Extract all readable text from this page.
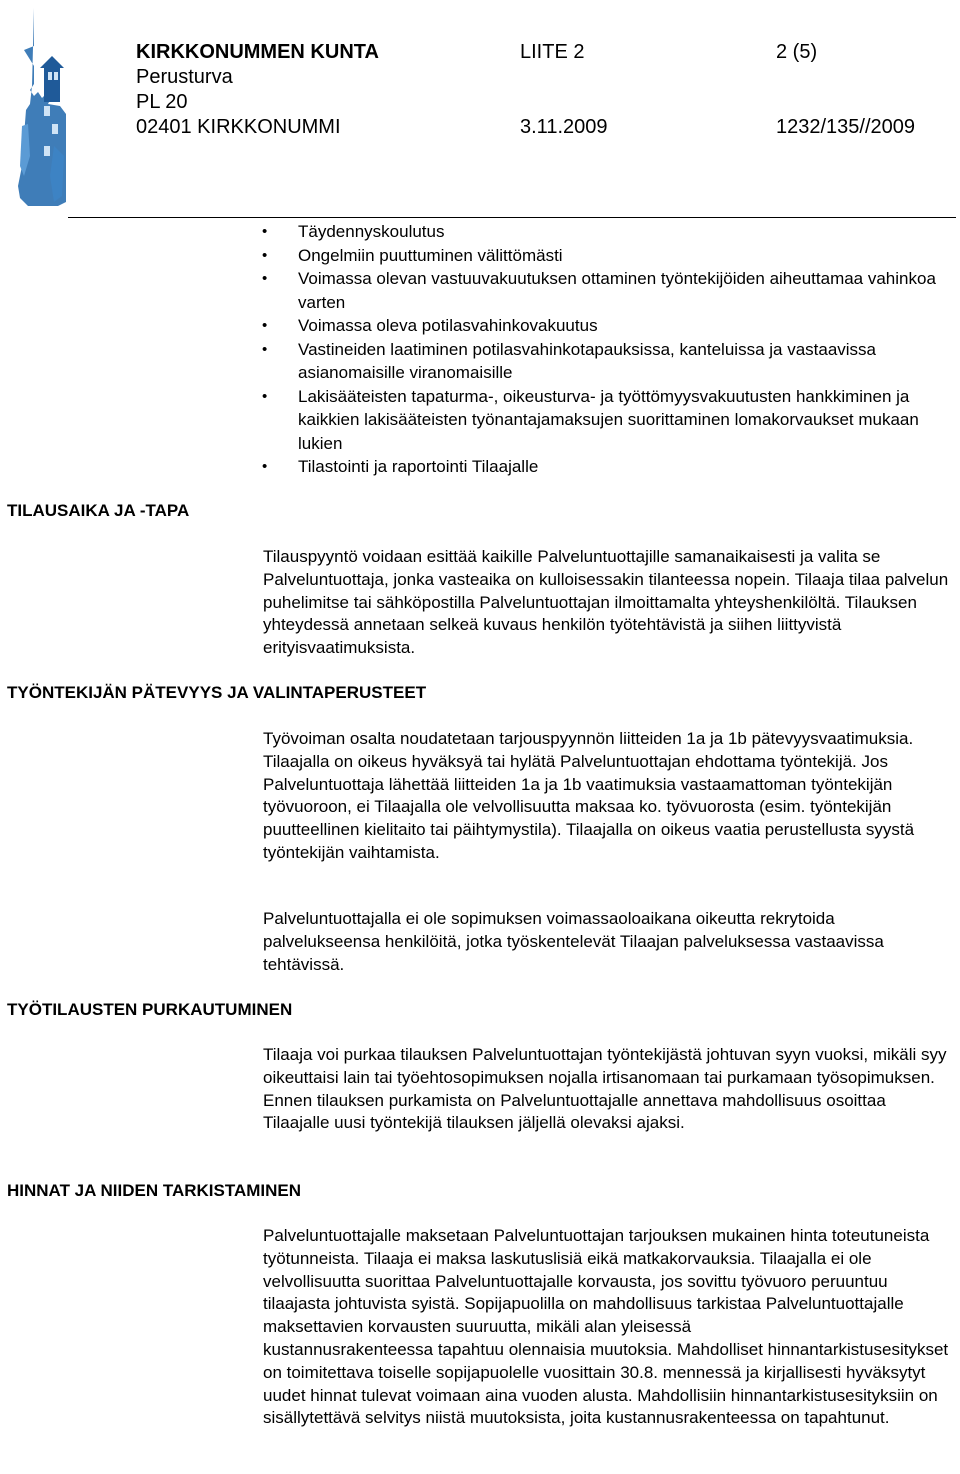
KIRKKONUMMEN KUNTA	LIITE 2	2 (5)
Perusturva
PL 20
02401 KIRKKONUMMI	3.11.2009	1232/135//2009
• Täydennyskoulutus
• Ongelmiin puuttuminen välittömästi
• Voimassa olevan vastuuvakuutuksen ottaminen työntekijöiden aiheuttamaa vahinkoa varten
• Voimassa oleva potilasvahinkovakuutus
• Vastineiden laatiminen potilasvahinkotapauksissa, kanteluissa ja vastaavissa asianomaisille viranomaisille
• Lakisääteisten tapaturma-, oikeusturva- ja työttömyysvakuutusten hankkiminen ja kaikkien lakisääteisten työnantajamaksujen suorittaminen lomakorvaukset mukaan lukien
• Tilastointi ja raportointi Tilaajalle
TILAUSAIKA JA -TAPA

Tilauspyyntö voidaan esittää kaikille Palveluntuottajille samanaikaisesti ja valita se Palveluntuottaja, jonka vasteaika on kulloisessakin tilanteessa nopein. Tilaaja tilaa palvelun puhelimitse tai sähköpostilla Palveluntuottajan ilmoittamalta yhteyshenkilöltä. Tilauksen yhteydessä annetaan selkeä kuvaus henkilön työtehtävistä ja siihen liittyvistä erityisvaatimuksista.

TYÖNTEKIJÄN PÄTEVYYS JA VALINTAPERUSTEET

Työvoiman osalta noudatetaan tarjouspyynnön liitteiden 1a ja 1b pätevyysvaatimuksia. Tilaajalla on oikeus hyväksyä tai hylätä Palveluntuottajan ehdottama työntekijä. Jos Palveluntuottaja lähettää liitteiden 1a ja 1b vaatimuksia vastaamattoman työntekijän työvuoroon, ei Tilaajalla ole velvollisuutta maksaa ko. työvuorosta (esim. työntekijän puutteellinen kielitaito tai päihtymystila). Tilaajalla on oikeus vaatia perustellusta syystä työntekijän vaihtamista.

Palveluntuottajalla ei ole sopimuksen voimassaoloaikana oikeutta rekrytoida palvelukseensa henkilöitä, jotka työskentelevät Tilaajan palveluksessa vastaavissa tehtävissä.

TYÖTILAUSTEN PURKAUTUMINEN

Tilaaja voi purkaa tilauksen Palveluntuottajan työntekijästä johtuvan syyn vuoksi, mikäli syy oikeuttaisi lain tai työehtosopimuksen nojalla irtisanomaan tai purkamaan työsopimuksen. Ennen tilauksen purkamista on Palveluntuottajalle annettava mahdollisuus osoittaa Tilaajalle uusi työntekijä tilauksen jäljellä olevaksi ajaksi.

HINNAT JA NIIDEN TARKISTAMINEN

Palveluntuottajalle maksetaan Palveluntuottajan tarjouksen mukainen hinta toteutuneista työtunneista. Tilaaja ei maksa laskutuslisiä eikä matkakorvauksia. Tilaajalla ei ole velvollisuutta suorittaa Palveluntuottajalle korvausta, jos sovittu työvuoro peruuntuu tilaajasta johtuvista syistä. Sopijapuolilla on mahdollisuus tarkistaa Palveluntuottajalle

maksettavien korvausten suuruutta, mikäli alan yleisessä

kustannusrakenteessa tapahtuu olennaisia muutoksia. Mahdolliset hinnantarkistusesitykset on toimitettava toiselle sopijapuolelle vuosittain 30.8. mennessä ja kirjallisesti hyväksytyt uudet hinnat tulevat voimaan aina vuoden alusta. Mahdollisiin hinnantarkistusesityksiin on sisällytettävä selvitys niistä muutoksista, joita kustannusrakenteessa on tapahtunut.
